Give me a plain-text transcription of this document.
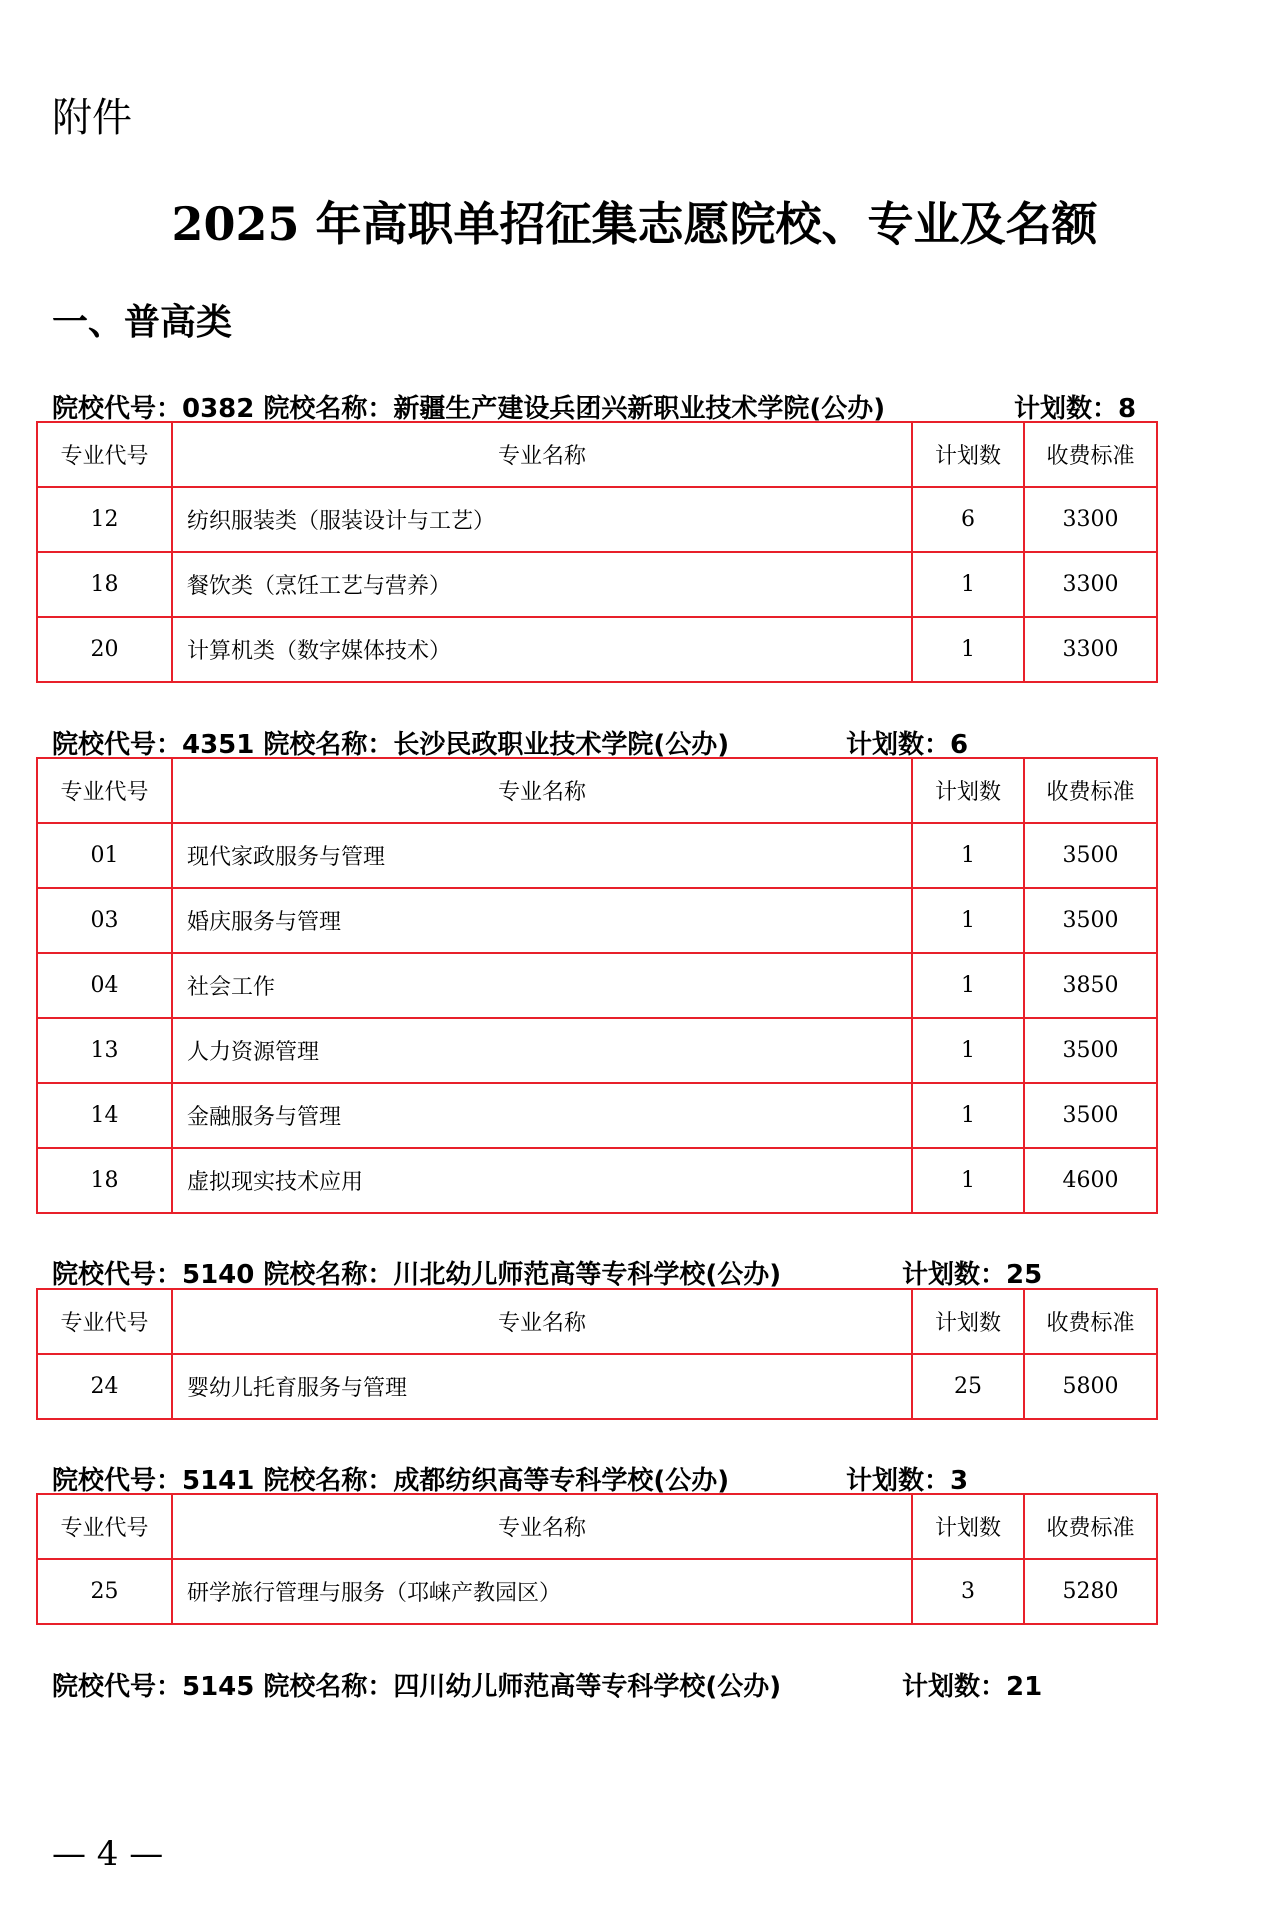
附件

2025 年高职单招征集志愿院校、专业及名额
一、普高类
院校代号：0382 院校名称：新疆生产建设兵团兴新职业技术学院(公办)	计划数：8
专业代号	专业名称	计划数	收费标准
12	纺织服装类（服装设计与工艺）	6	3300
18	餐饮类（烹饪工艺与营养）	1	3300
20	计算机类（数字媒体技术）	1	3300
院校代号：4351 院校名称：长沙民政职业技术学院(公办)	计划数：6
专业代号	专业名称	计划数	收费标准
01	现代家政服务与管理	1	3500
03	婚庆服务与管理	1	3500
04	社会工作	1	3850
13	人力资源管理	1	3500
14	金融服务与管理	1	3500
18	虚拟现实技术应用	1	4600
院校代号：5140 院校名称：川北幼儿师范高等专科学校(公办)	计划数：25
专业代号	专业名称	计划数	收费标准
24	婴幼儿托育服务与管理	25	5800
院校代号：5141 院校名称：成都纺织高等专科学校(公办)	计划数：3
专业代号	专业名称	计划数	收费标准
25	研学旅行管理与服务（邛崃产教园区）	3	5280
院校代号：5145 院校名称：四川幼儿师范高等专科学校(公办)	计划数：21
— 4 —
